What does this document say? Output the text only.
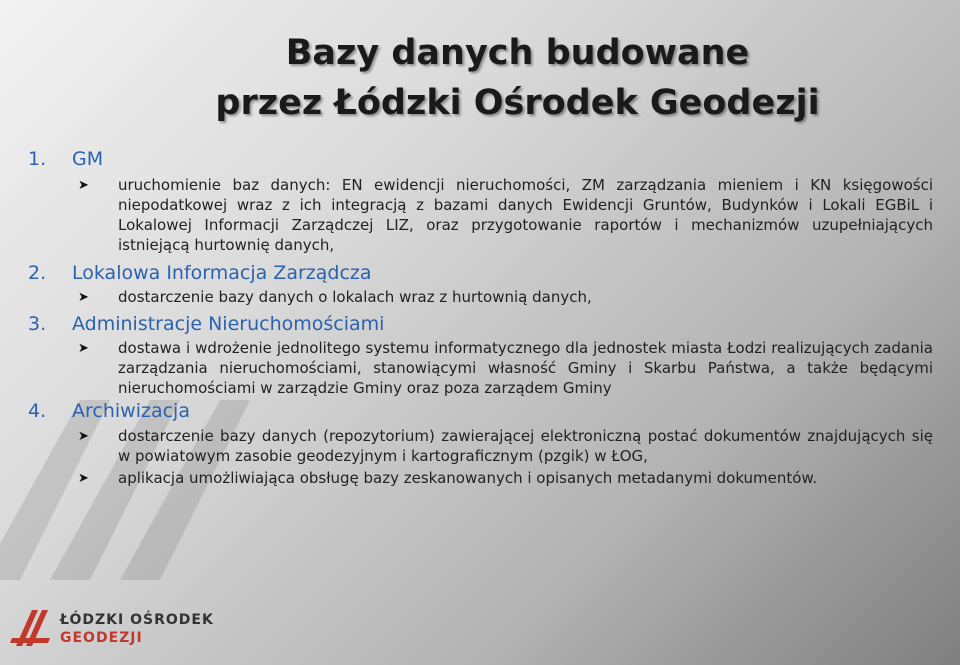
Bazy danych budowane
przez Łódzki Ośrodek Geodezji
1.	GM
➤	uruchomienie baz danych: EN ewidencji nieruchomości, ZM zarządzania mieniem i KN księgowości niepodatkowej wraz z ich integracją z bazami danych Ewidencji Gruntów, Budynków i Lokali EGBiL i Lokalowej Informacji Zarządczej LIZ, oraz przygotowanie raportów i mechanizmów uzupełniających istniejącą hurtownię danych,
2.	Lokalowa Informacja Zarządcza
➤	dostarczenie bazy danych o lokalach wraz z hurtownią danych,
3.	Administracje Nieruchomościami
➤	dostawa i wdrożenie jednolitego systemu informatycznego dla jednostek miasta Łodzi realizujących zadania zarządzania nieruchomościami, stanowiącymi własność Gminy i Skarbu Państwa, a także będącymi nieruchomościami w zarządzie Gminy oraz poza zarządem Gminy
4.	Archiwizacja
➤	dostarczenie bazy danych (repozytorium) zawierającej elektroniczną postać dokumentów znajdujących się w powiatowym zasobie geodezyjnym i kartograficznym (pzgik) w ŁOG,
➤	aplikacja umożliwiająca obsługę bazy zeskanowanych i opisanych metadanymi dokumentów.
ŁÓDZKI OŚRODEK
GEODEZJI
